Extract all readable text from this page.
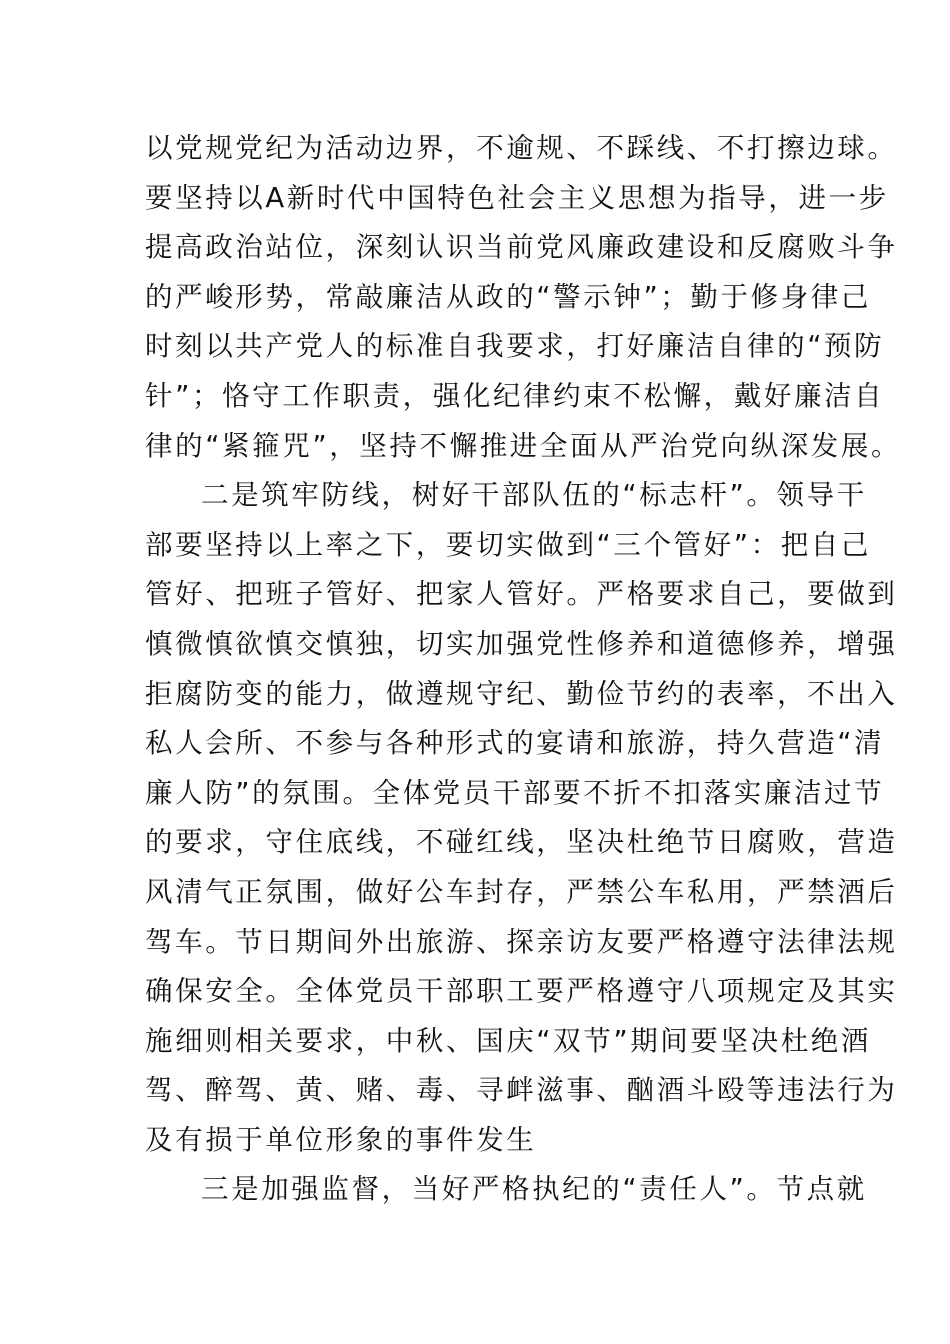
以党规党纪为活动边界，不逾规、不踩线、不打擦边球。
要坚持以A新时代中国特色社会主义思想为指导，进一步
提高政治站位，深刻认识当前党风廉政建设和反腐败斗争
的严峻形势，常敲廉洁从政的“警示钟”；勤于修身律己
时刻以共产党人的标准自我要求，打好廉洁自律的“预防
针”；恪守工作职责，强化纪律约束不松懈，戴好廉洁自
律的“紧箍咒”，坚持不懈推进全面从严治党向纵深发展。
二是筑牢防线，树好干部队伍的“标志杆”。领导干
部要坚持以上率之下，要切实做到“三个管好”：把自己
管好、把班子管好、把家人管好。严格要求自己，要做到
慎微慎欲慎交慎独，切实加强党性修养和道德修养，增强
拒腐防变的能力，做遵规守纪、勤俭节约的表率，不出入
私人会所、不参与各种形式的宴请和旅游，持久营造“清
廉人防”的氛围。全体党员干部要不折不扣落实廉洁过节
的要求，守住底线，不碰红线，坚决杜绝节日腐败，营造
风清气正氛围，做好公车封存，严禁公车私用，严禁酒后
驾车。节日期间外出旅游、探亲访友要严格遵守法律法规
确保安全。全体党员干部职工要严格遵守八项规定及其实
施细则相关要求，中秋、国庆“双节”期间要坚决杜绝酒
驾、醉驾、黄、赌、毒、寻衅滋事、酗酒斗殴等违法行为
及有损于单位形象的事件发生
三是加强监督，当好严格执纪的“责任人”。节点就
